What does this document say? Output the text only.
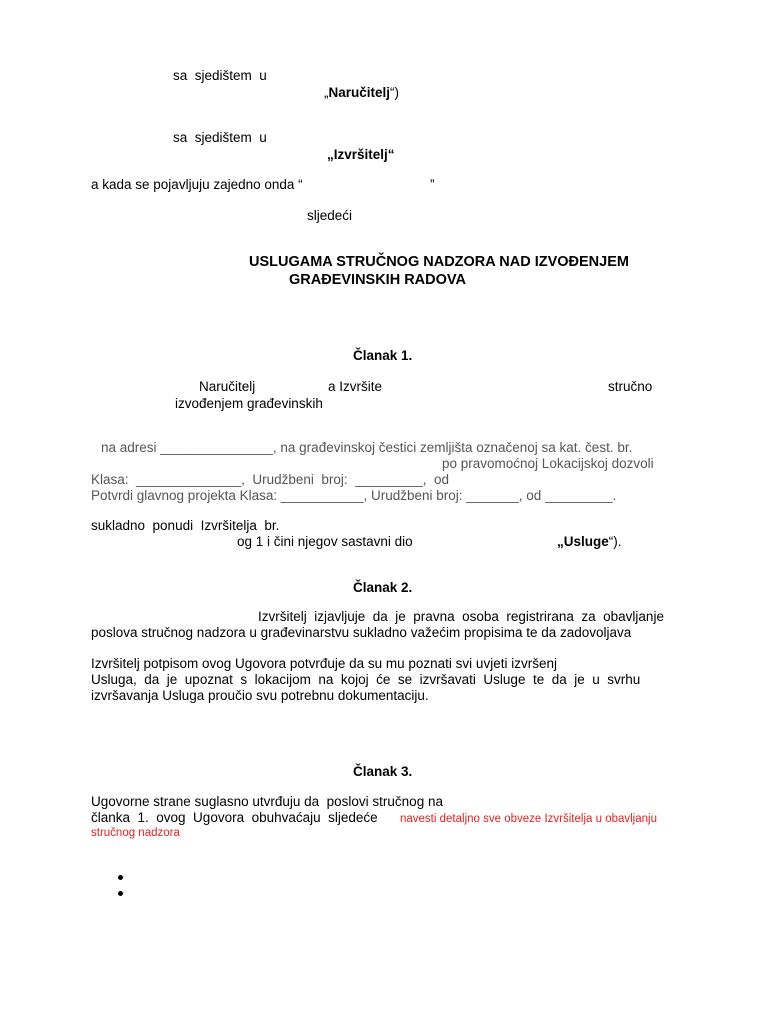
sa  sjedištem  u
„Naručitelj“)
sa  sjedištem  u
„Izvršitelj“
a kada se pojavljuju zajedno onda “	”
sljedeći
USLUGAMA STRUČNOG NADZORA NAD IZVOĐENJEM
GRAĐEVINSKIH RADOVA
Članak 1.
Naručitelj	a Izvršite	stručno
izvođenjem građevinskih
na adresi _______________, na građevinskoj čestici zemljišta označenoj sa kat. čest. br.
po pravomoćnoj Lokacijskoj dozvoli
Klasa:  ______________,  Urudžbeni  broj:  _________,  od
Potvrdi glavnog projekta Klasa: ___________, Urudžbeni broj: _______, od _________.
sukladno  ponudi  Izvršitelja  br.
og 1 i čini njegov sastavni dio	„Usluge“).
Članak 2.
Izvršitelj  izjavljuje  da  je  pravna  osoba  registrirana  za  obavljanje
poslova stručnog nadzora u građevinarstvu sukladno važećim propisima te da zadovoljava
Izvršitelj potpisom ovog Ugovora potvrđuje da su mu poznati svi uvjeti izvršenj
Usluga,  da  je  upoznat  s  lokacijom  na  kojoj  će  se  izvršavati  Usluge  te  da  je  u  svrhu
izvršavanja Usluga proučio svu potrebnu dokumentaciju.
Članak 3.
Ugovorne strane suglasno utvrđuju da  poslovi stručnog na
članka  1.  ovog  Ugovora  obuhvaćaju  sljedeće navesti detaljno sve obveze Izvršitelja u obavljanju
stručnog nadzora
